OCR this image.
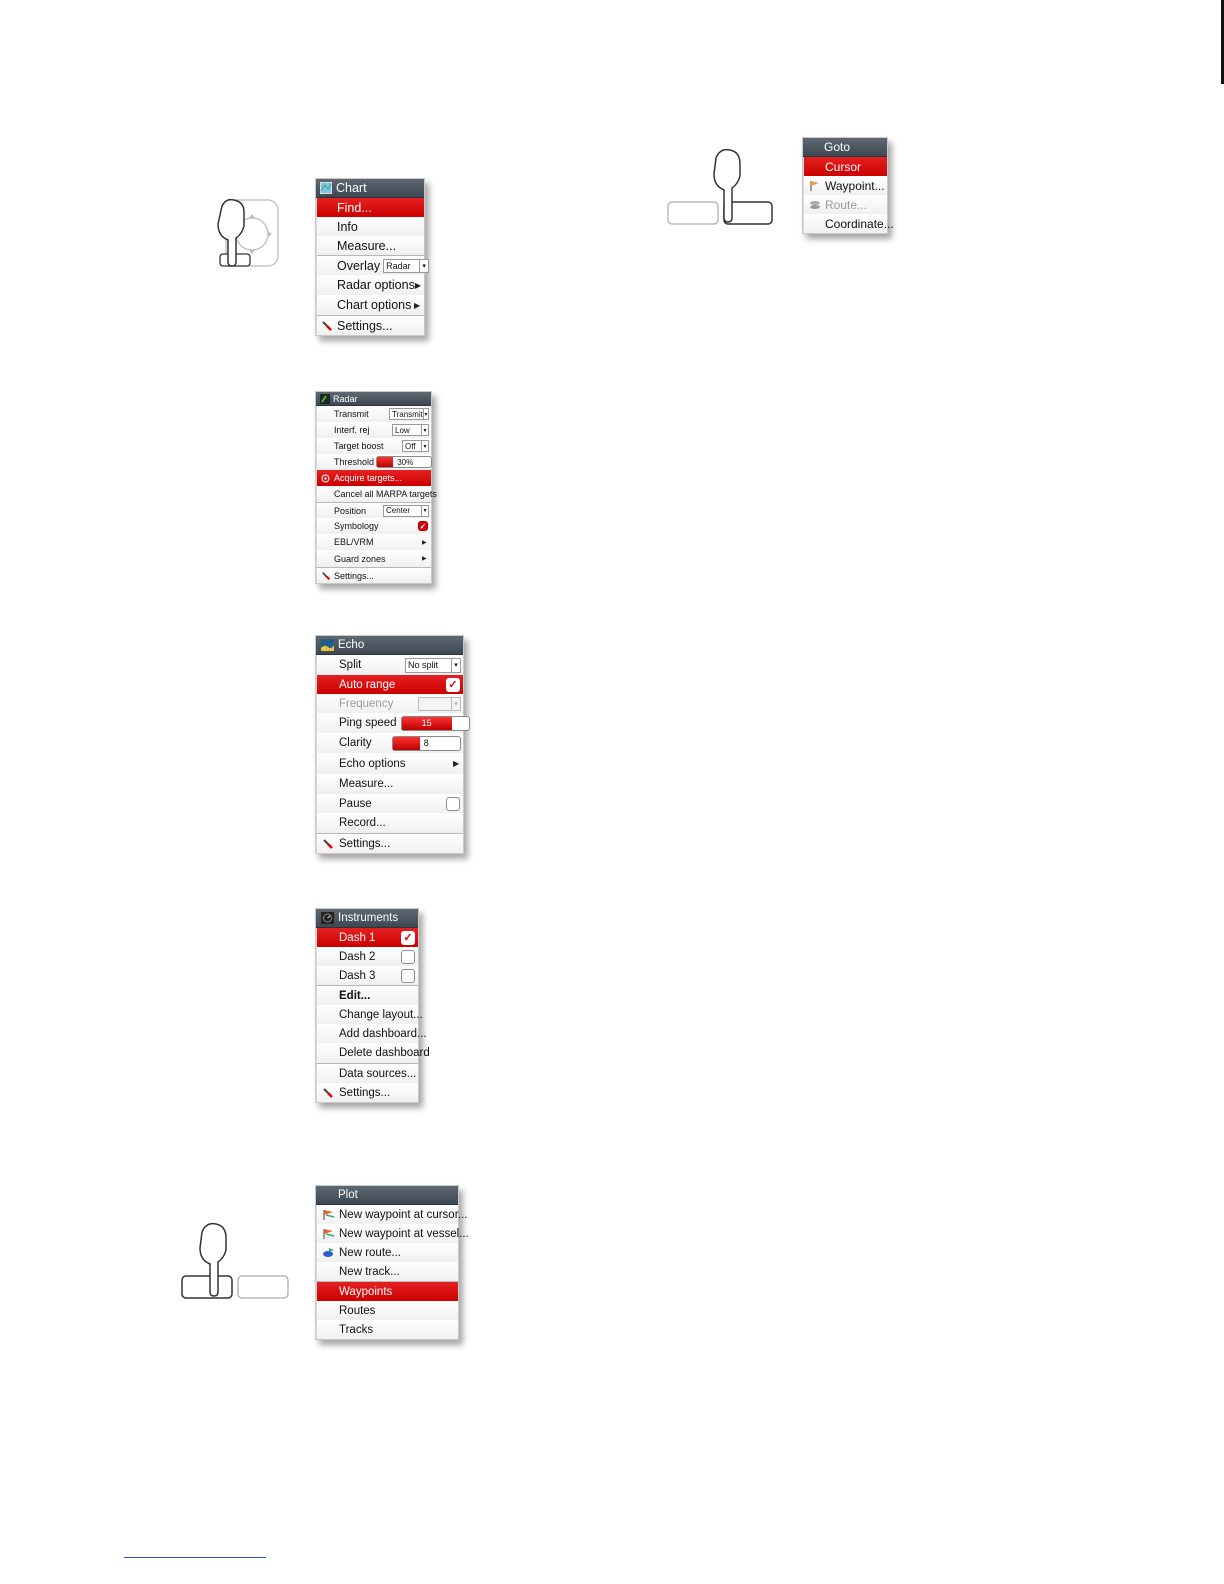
Chart
Find...
Info
Measure...
Overlay Radar	▾
Radar options ▶
Chart options ▶
Settings...
Goto
Cursor
Waypoint...
Route...
Coordinate...
Radar
Transmit	Transmit ▾
Interf. rej	Low	▾
Target boost	Off	▾
Threshold	30%
Acquire targets...
Cancel all MARPA targets
Position	Center	▾
Symbology	✓
EBL/VRM	▶
Guard zones	▶
Settings...
Echo
Split	No split	▾
Auto range	✓
Frequency	▾
Ping speed	15
Clarity	8
Echo options	▶
Measure...
Pause
Record...
Settings...
Instruments
Dash 1	✓
Dash 2
Dash 3
Edit...
Change layout...
Add dashboard...
Delete dashboard
Data sources...
Settings...
Plot
New waypoint at cursor...
New waypoint at vessel...
New route...
New track...
Waypoints
Routes
Tracks
